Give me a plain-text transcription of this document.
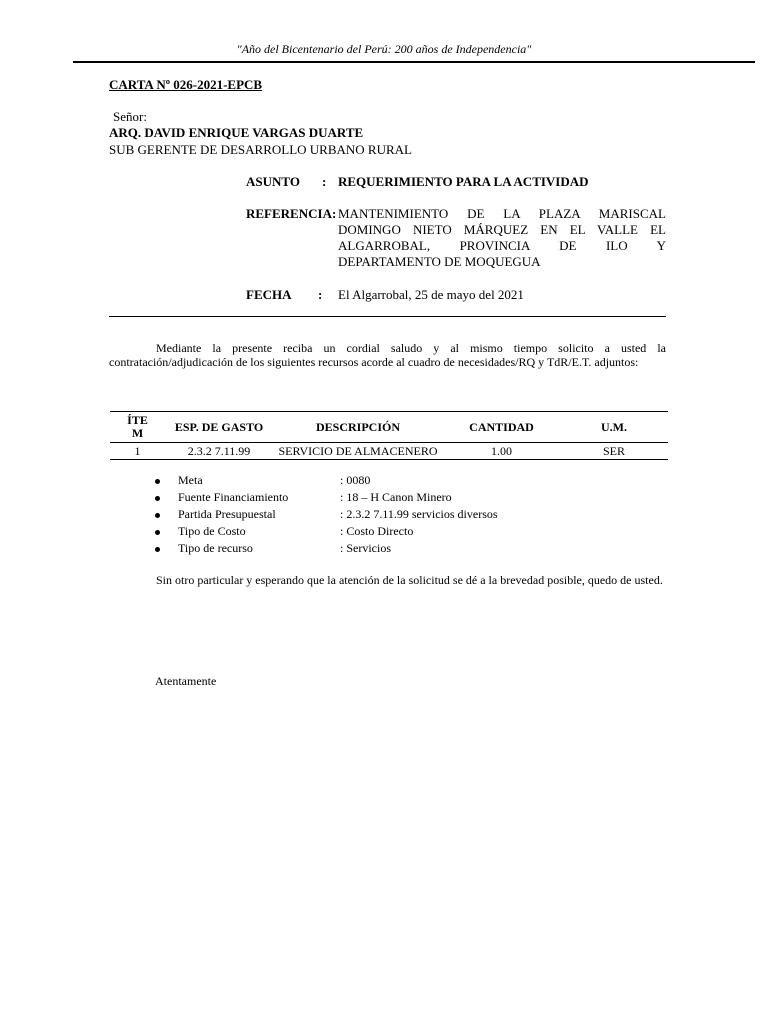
"Año del Bicentenario del Perú: 200 años de Independencia"
CARTA Nº 026-2021-EPCB
Señor:
ARQ. DAVID ENRIQUE VARGAS DUARTE
SUB GERENTE DE DESARROLLO URBANO RURAL
ASUNTO : REQUERIMIENTO PARA LA ACTIVIDAD
REFERENCIA: MANTENIMIENTO DE LA PLAZA MARISCAL DOMINGO NIETO MÁRQUEZ EN EL VALLE EL ALGARROBAL, PROVINCIA DE ILO Y DEPARTAMENTO DE MOQUEGUA
FECHA : El Algarrobal, 25 de mayo del 2021

Mediante la presente reciba un cordial saludo y al mismo tiempo solicito a usted la contratación/adjudicación de los siguientes recursos acorde al cuadro de necesidades/RQ y TdR/E.T. adjuntos:

ÍTE
M	ESP. DE GASTO	DESCRIPCIÓN	CANTIDAD	U.M.
1	2.3.2 7.11.99	SERVICIO DE ALMACENERO	1.00	SER
Meta	: 0080
Fuente Financiamiento	: 18 – H Canon Minero
Partida Presupuestal	: 2.3.2 7.11.99 servicios diversos
Tipo de Costo	: Costo Directo
Tipo de recurso	: Servicios

Sin otro particular y esperando que la atención de la solicitud se dé a la brevedad posible, quedo de usted.

Atentamente
